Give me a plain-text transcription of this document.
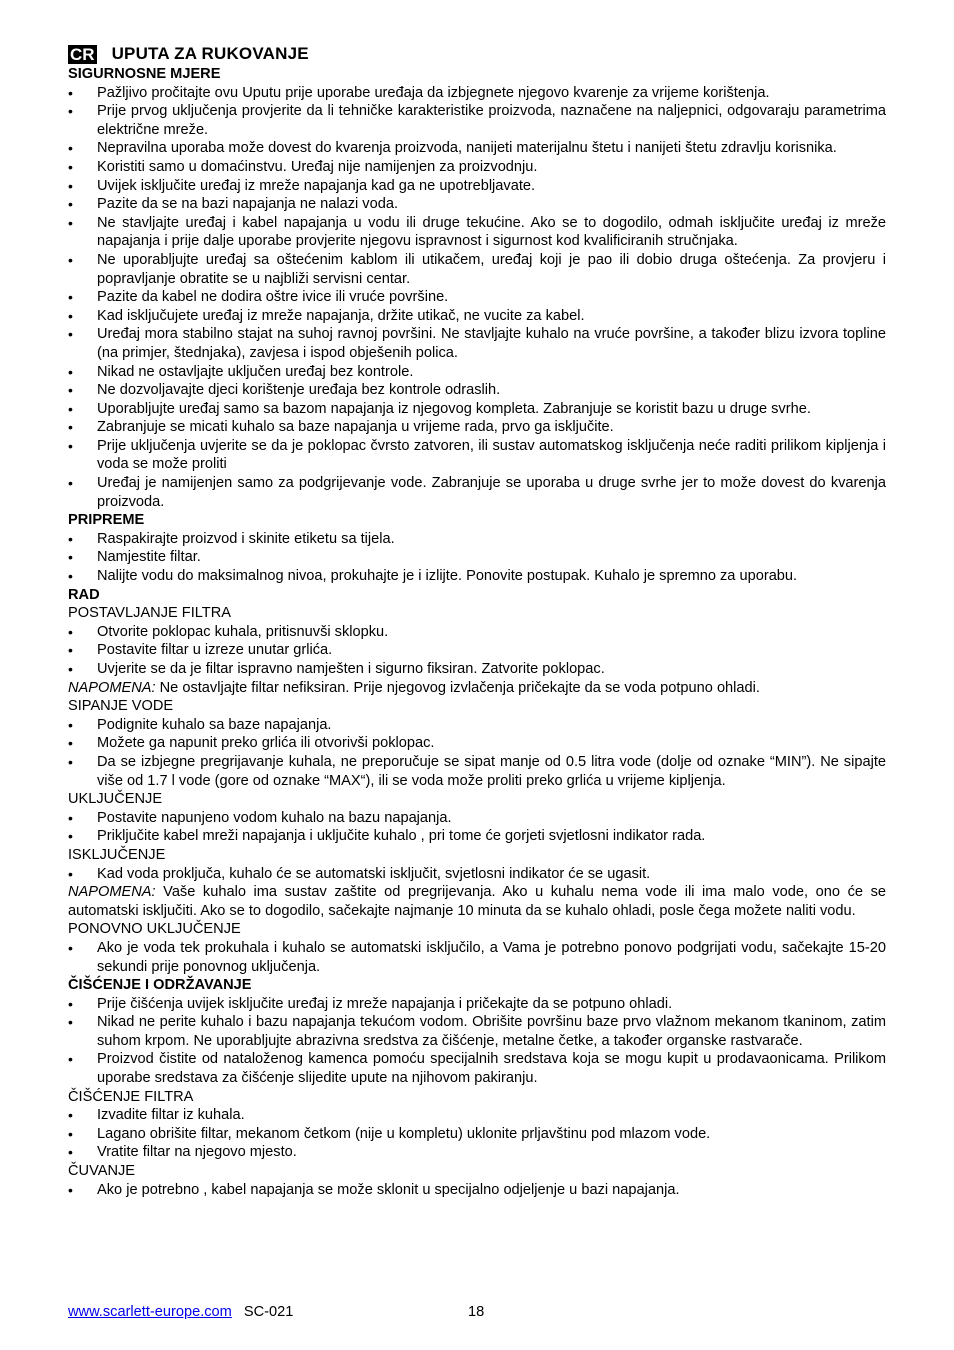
CR UPUTA ZA RUKOVANJE
SIGURNOSNE MJERE
• Pažljivo pročitajte ovu Uputu prije uporabe uređaja da izbjegnete njegovo kvarenje za vrijeme korištenja.
• Prije prvog uključenja provjerite da li tehničke karakteristike proizvoda, naznačene na naljepnici, odgovaraju parametrima električne mreže.
• Nepravilna uporaba može dovest do kvarenja proizvoda, nanijeti materijalnu štetu i nanijeti štetu zdravlju korisnika.
• Koristiti samo u domaćinstvu. Uređaj nije namijenjen za proizvodnju.
• Uvijek isključite uređaj iz mreže napajanja kad ga ne upotrebljavate.
• Pazite da se na bazi napajanja ne nalazi voda.
• Ne stavljajte uređaj i kabel napajanja u vodu ili druge tekućine. Ako se to dogodilo, odmah isključite uređaj iz mreže napajanja i prije dalje uporabe provjerite njegovu ispravnost i sigurnost kod kvalificiranih stručnjaka.
• Ne uporabljujte uređaj sa oštećenim kablom ili utikačem, uređaj koji je pao ili dobio druga oštećenja. Za provjeru i popravljanje obratite se u najbliži servisni centar.
• Pazite da kabel ne dodira oštre ivice ili vruće površine.
• Kad isključujete uređaj iz mreže napajanja, držite utikač, ne vucite za kabel.
• Uređaj mora stabilno stajat na suhoj ravnoj površini. Ne stavljajte kuhalo na vruće površine, a također blizu izvora topline (na primjer, štednjaka), zavjesa i ispod obješenih polica.
• Nikad ne ostavljajte uključen uređaj bez kontrole.
• Ne dozvoljavajte djeci korištenje uređaja bez kontrole odraslih.
• Uporabljujte uređaj samo sa bazom napajanja iz njegovog kompleta. Zabranjuje se koristit bazu u druge svrhe.
• Zabranjuje se micati kuhalo sa baze napajanja u vrijeme rada, prvo ga isključite.
• Prije uključenja uvjerite se da je poklopac čvrsto zatvoren, ili sustav automatskog isključenja neće raditi prilikom kipljenja i voda se može proliti
• Uređaj je namijenjen samo za podgrijevanje vode. Zabranjuje se uporaba u druge svrhe jer to može dovest do kvarenja proizvoda.
PRIPREME
• Raspakirajte proizvod i skinite etiketu sa tijela.
• Namjestite filtar.
• Nalijte vodu do maksimalnog nivoa, prokuhajte je i izlijte. Ponovite postupak. Kuhalo je spremno za uporabu.
RAD
POSTAVLJANJE FILTRA
• Otvorite poklopac kuhala, pritisnuvši sklopku.
• Postavite filtar u izreze unutar grlića.
• Uvjerite se da je filtar ispravno namješten i sigurno fiksiran. Zatvorite poklopac.
NAPOMENA: Ne ostavljajte filtar nefiksiran. Prije njegovog izvlačenja pričekajte da se voda potpuno ohladi.
SIPANJE VODE
• Podignite kuhalo sa baze napajanja.
• Možete ga napunit preko grlića ili otvorivši poklopac.
• Da se izbjegne pregrijavanje kuhala, ne preporučuje se sipat manje od 0.5 litra vode (dolje od oznake “MIN”). Ne sipajte više od 1.7 l vode (gore od oznake “MAX“), ili se voda može proliti preko grlića u vrijeme kipljenja.
UKLJUČENJE
• Postavite napunjeno vodom kuhalo na bazu napajanja.
• Priključite kabel mreži napajanja i uključite kuhalo , pri tome će gorjeti svjetlosni indikator rada.
ISKLJUČENJE
• Kad voda proključa, kuhalo će se automatski isključit, svjetlosni indikator će se ugasit.
NAPOMENA: Vaše kuhalo ima sustav zaštite od pregrijevanja. Ako u kuhalu nema vode ili ima malo vode, ono će se automatski isključiti. Ako se to dogodilo, sačekajte najmanje 10 minuta da se kuhalo ohladi, posle čega možete naliti vodu.
PONOVNO UKLJUČENJE
• Ako je voda tek prokuhala i kuhalo se automatski isključilo, a Vama je potrebno ponovo podgrijati vodu, sačekajte 15-20 sekundi prije ponovnog uključenja.
ČIŠĆENJE I ODRŽAVANJE
• Prije čišćenja uvijek isključite uređaj iz mreže napajanja i pričekajte da se potpuno ohladi.
• Nikad ne perite kuhalo i bazu napajanja tekućom vodom. Obrišite površinu baze prvo vlažnom mekanom tkaninom, zatim suhom krpom. Ne uporabljujte abrazivna sredstva za čišćenje, metalne četke, a također organske rastvarače.
• Proizvod čistite od nataloženog kamenca pomoću specijalnih sredstava koja se mogu kupit u prodavaonicama. Prilikom uporabe sredstava za čišćenje slijedite upute na njihovom pakiranju.
ČIŠĆENJE FILTRA
• Izvadite filtar iz kuhala.
• Lagano obrišite filtar, mekanom četkom (nije u kompletu) uklonite prljavštinu pod mlazom vode.
• Vratite filtar na njegovo mjesto.
ČUVANJE
• Ako je potrebno , kabel napajanja se može sklonit u specijalno odjeljenje u bazi napajanja.
www.scarlett-europe.com SC-021	18
